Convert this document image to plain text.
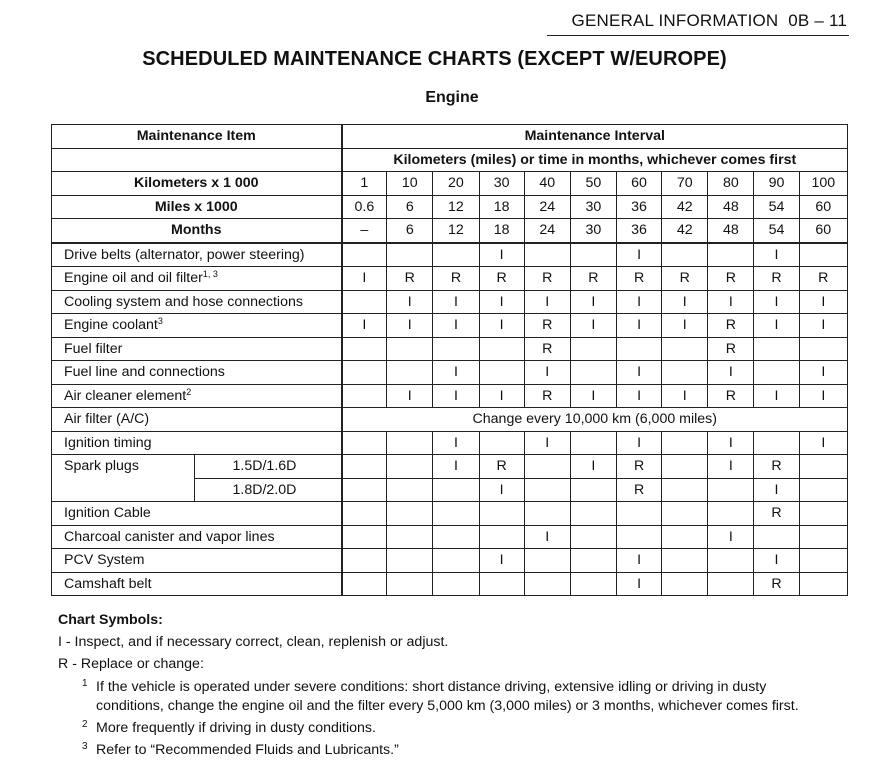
GENERAL INFORMATION 0B – 11
SCHEDULED MAINTENANCE CHARTS (EXCEPT W/EUROPE)
Engine
Maintenance Item		Maintenance Interval										
		Kilometers (miles) or time in months, whichever comes first										
Kilometers x 1 000		1	10	20	30	40	50	60	70	80	90	100
Miles x 1000		0.6	6	12	18	24	30	36	42	48	54	60
Months		–	6	12	18	24	30	36	42	48	54	60
Drive belts (alternator, power steering)					I			I			I	
Engine oil and oil filter$^{1, 3}$		I	R	R	R	R	R	R	R	R	R	R
Cooling system and hose connections			I	I	I	I	I	I	I	I	I	I
Engine coolant$^3$		I	I	I	I	R	I	I	I	R	I	I
Fuel filter						R				R		
Fuel line and connections				I		I		I		I		I
Air cleaner element$^2$			I	I	I	R	I	I	I	R	I	I
Air filter (A/C)		Change every 10,000 km (6,000 miles)										
Ignition timing				I		I		I		I		I
Spark plugs	1.5D/1.6D			I	R		I	R		I	R	
	1.8D/2.0D				I			R			I	
Ignition Cable											R	
Charcoal canister and vapor lines						I				I		
PCV System					I			I			I	
Camshaft belt								I			R	
Chart Symbols:
I - Inspect, and if necessary correct, clean, replenish or adjust.
R - Replace or change:
1 If the vehicle is operated under severe conditions: short distance driving, extensive idling or driving in dusty
conditions, change the engine oil and the filter every 5,000 km (3,000 miles) or 3 months, whichever comes first.
2 More frequently if driving in dusty conditions.
3 Refer to “Recommended Fluids and Lubricants.”
